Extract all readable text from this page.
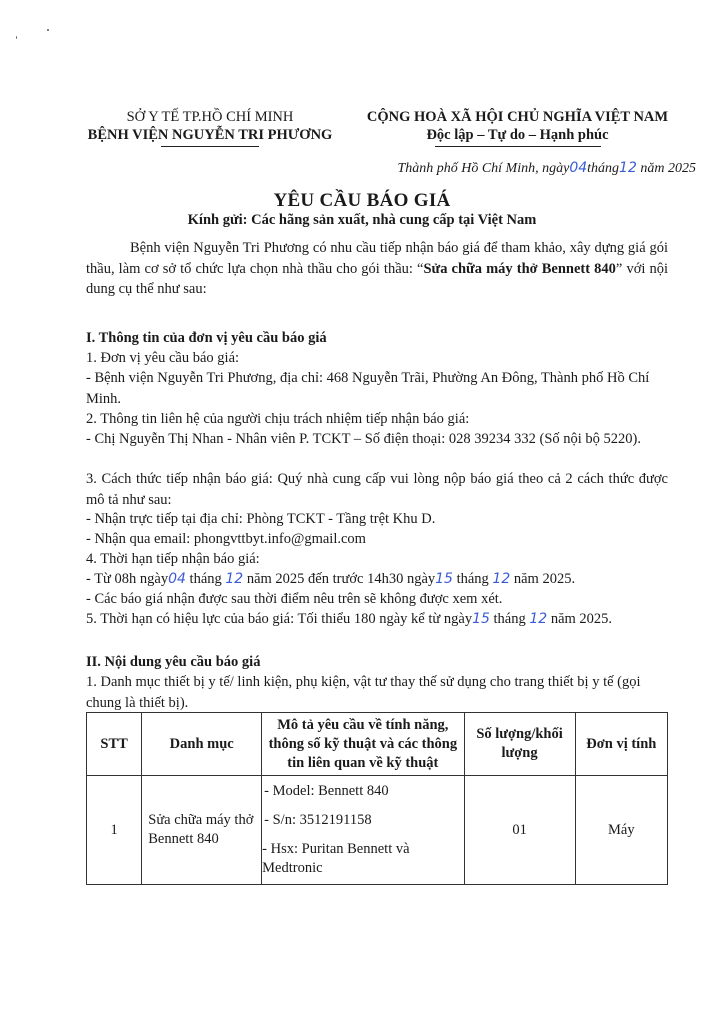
SỞ Y TẾ TP.HỒ CHÍ MINH
BỆNH VIỆN NGUYỄN TRI PHƯƠNG
CỘNG HOÀ XÃ HỘI CHỦ NGHĨA VIỆT NAM
Độc lập – Tự do – Hạnh phúc
Thành phố Hồ Chí Minh, ngày04tháng12 năm 2025
YÊU CẦU BÁO GIÁ
Kính gửi: Các hãng sản xuất, nhà cung cấp tại Việt Nam
Bệnh viện Nguyễn Tri Phương có nhu cầu tiếp nhận báo giá để tham khảo, xây dựng giá gói thầu, làm cơ sở tổ chức lựa chọn nhà thầu cho gói thầu: “Sửa chữa máy thở Bennett 840” với nội dung cụ thể như sau:
I. Thông tin của đơn vị yêu cầu báo giá
1. Đơn vị yêu cầu báo giá:
- Bệnh viện Nguyễn Tri Phương, địa chỉ: 468 Nguyễn Trãi, Phường An Đông, Thành phố Hồ Chí Minh.
2. Thông tin liên hệ của người chịu trách nhiệm tiếp nhận báo giá:
- Chị Nguyễn Thị Nhan - Nhân viên P. TCKT – Số điện thoại: 028 39234 332 (Số nội bộ 5220).
3. Cách thức tiếp nhận báo giá: Quý nhà cung cấp vui lòng nộp báo giá theo cả 2 cách thức được mô tả như sau:
- Nhận trực tiếp tại địa chỉ: Phòng TCKT - Tầng trệt Khu D.
- Nhận qua email: phongvttbyt.info@gmail.com
4. Thời hạn tiếp nhận báo giá:
- Từ 08h ngày04 tháng 12 năm 2025 đến trước 14h30 ngày15 tháng 12 năm 2025.
- Các báo giá nhận được sau thời điểm nêu trên sẽ không được xem xét.
5. Thời hạn có hiệu lực của báo giá: Tối thiểu 180 ngày kể từ ngày15 tháng 12 năm 2025.
II. Nội dung yêu cầu báo giá
1. Danh mục thiết bị y tế/ linh kiện, phụ kiện, vật tư thay thế sử dụng cho trang thiết bị y tế (gọi chung là thiết bị).
STT	Danh mục	Mô tả yêu cầu về tính năng, thông số kỹ thuật và các thông tin liên quan về kỹ thuật	Số lượng/khối lượng	Đơn vị tính
1	Sửa chữa máy thở Bennett 840	- Model: Bennett 840
- S/n: 3512191158
- Hsx: Puritan Bennett và Medtronic	01	Máy
